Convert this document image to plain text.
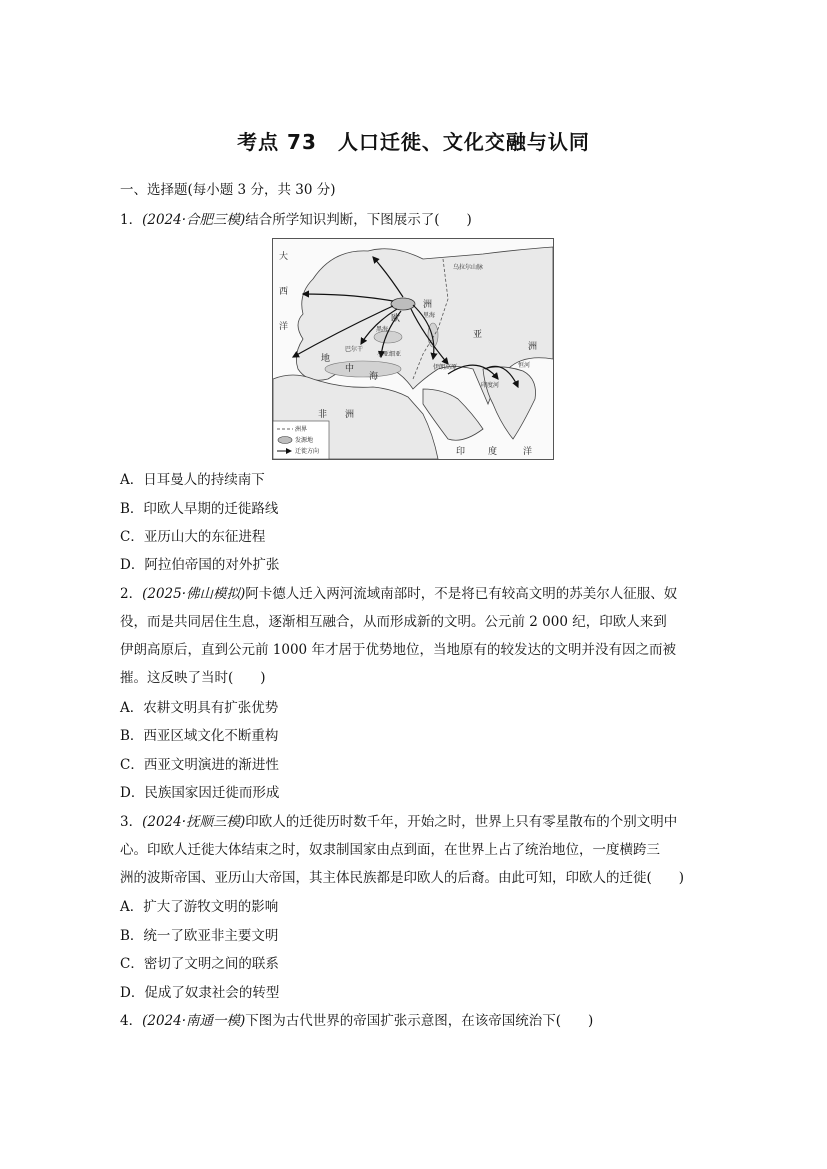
考点 73　人口迁徙、文化交融与认同
一、选择题(每小题 3 分，共 30 分)
1．(2024·合肥三模)结合所学知识判断，下图展示了(　　)
大
西
洋
欧
洲
亚
洲
非 洲
印	度	洋
地
中
海
乌拉尔山脉
黑海
巴尔干
小亚细亚
伊朗高原	恒河
印度河
里海
洲界
发源地
迁徙方向
A．日耳曼人的持续南下
B．印欧人早期的迁徙路线
C．亚历山大的东征进程
D．阿拉伯帝国的对外扩张
2．(2025·佛山模拟)阿卡德人迁入两河流域南部时，不是将已有较高文明的苏美尔人征服、奴
役，而是共同居住生息，逐渐相互融合，从而形成新的文明。公元前 2 000 纪，印欧人来到
伊朗高原后，直到公元前 1000 年才居于优势地位，当地原有的较发达的文明并没有因之而被
摧。这反映了当时(　　)
A．农耕文明具有扩张优势
B．西亚区域文化不断重构
C．西亚文明演进的渐进性
D．民族国家因迁徙而形成
3．(2024·抚顺三模)印欧人的迁徙历时数千年，开始之时，世界上只有零星散布的个别文明中
心。印欧人迁徙大体结束之时，奴隶制国家由点到面，在世界上占了统治地位，一度横跨三
洲的波斯帝国、亚历山大帝国，其主体民族都是印欧人的后裔。由此可知，印欧人的迁徙(　　)
A．扩大了游牧文明的影响
B．统一了欧亚非主要文明
C．密切了文明之间的联系
D．促成了奴隶社会的转型
4．(2024·南通一模)下图为古代世界的帝国扩张示意图，在该帝国统治下(　　)
